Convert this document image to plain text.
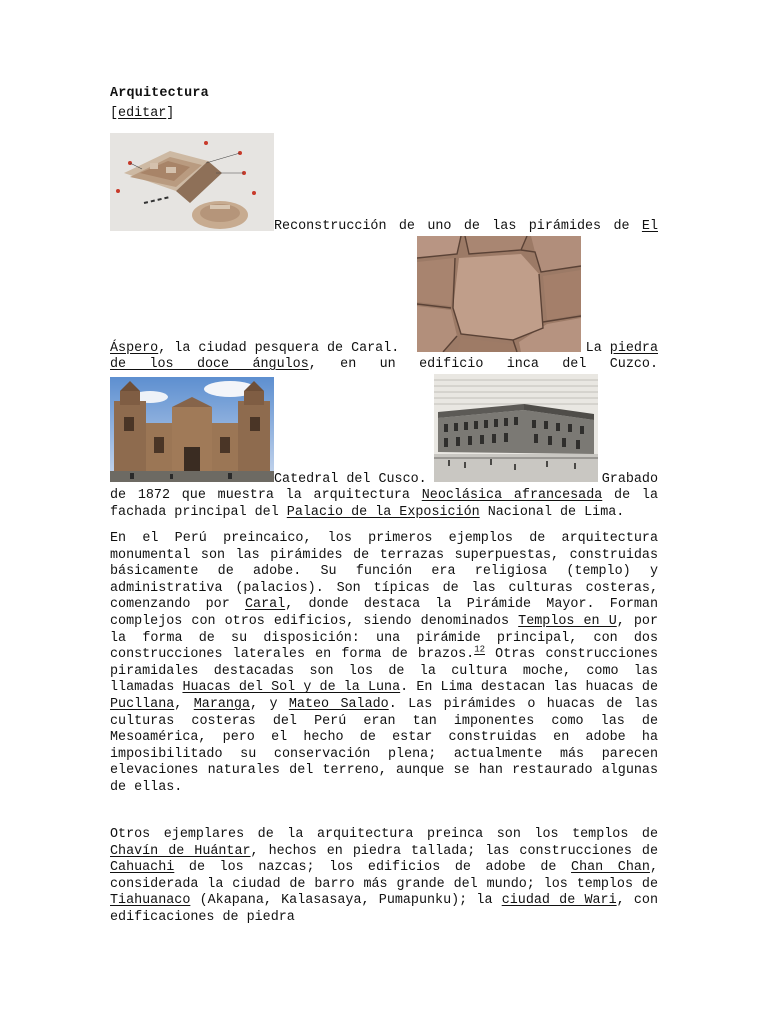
Arquitectura
[editar]
Reconstrucción de uno de las pirámides de El
Áspero, la ciudad pesquera de Caral.	La piedra
de los doce ángulos, en un edificio inca del Cuzco.
Catedral del Cusco.	Grabado
de 1872 que muestra la arquitectura Neoclásica afrancesada de la fachada principal del Palacio de la Exposición Nacional de Lima.

En el Perú preincaico, los primeros ejemplos de arquitectura monumental son las pirámides de terrazas superpuestas, construidas básicamente de adobe. Su función era religiosa (templo) y administrativa (palacios). Son típicas de las culturas costeras, comenzando por Caral, donde destaca la Pirámide Mayor. Forman complejos con otros edificios, siendo denominados Templos en U, por la forma de su disposición: una pirámide principal, con dos construcciones laterales en forma de brazos.$^{12}$ Otras construcciones piramidales destacadas son los de la cultura moche, como las llamadas Huacas del Sol y de la Luna. En Lima destacan las huacas de Pucllana, Maranga, y Mateo Salado. Las pirámides o huacas de las culturas costeras del Perú eran tan imponentes como las de Mesoamérica, pero el hecho de estar construidas en adobe ha imposibilitado su conservación plena; actualmente más parecen elevaciones naturales del terreno, aunque se han restaurado algunas de ellas.

Otros ejemplares de la arquitectura preinca son los templos de Chavín de Huántar, hechos en piedra tallada; las construcciones de Cahuachi de los nazcas; los edificios de adobe de Chan Chan, considerada la ciudad de barro más grande del mundo; los templos de Tiahuanaco (Akapana, Kalasasaya, Pumapunku); la ciudad de Wari, con edificaciones de piedra
